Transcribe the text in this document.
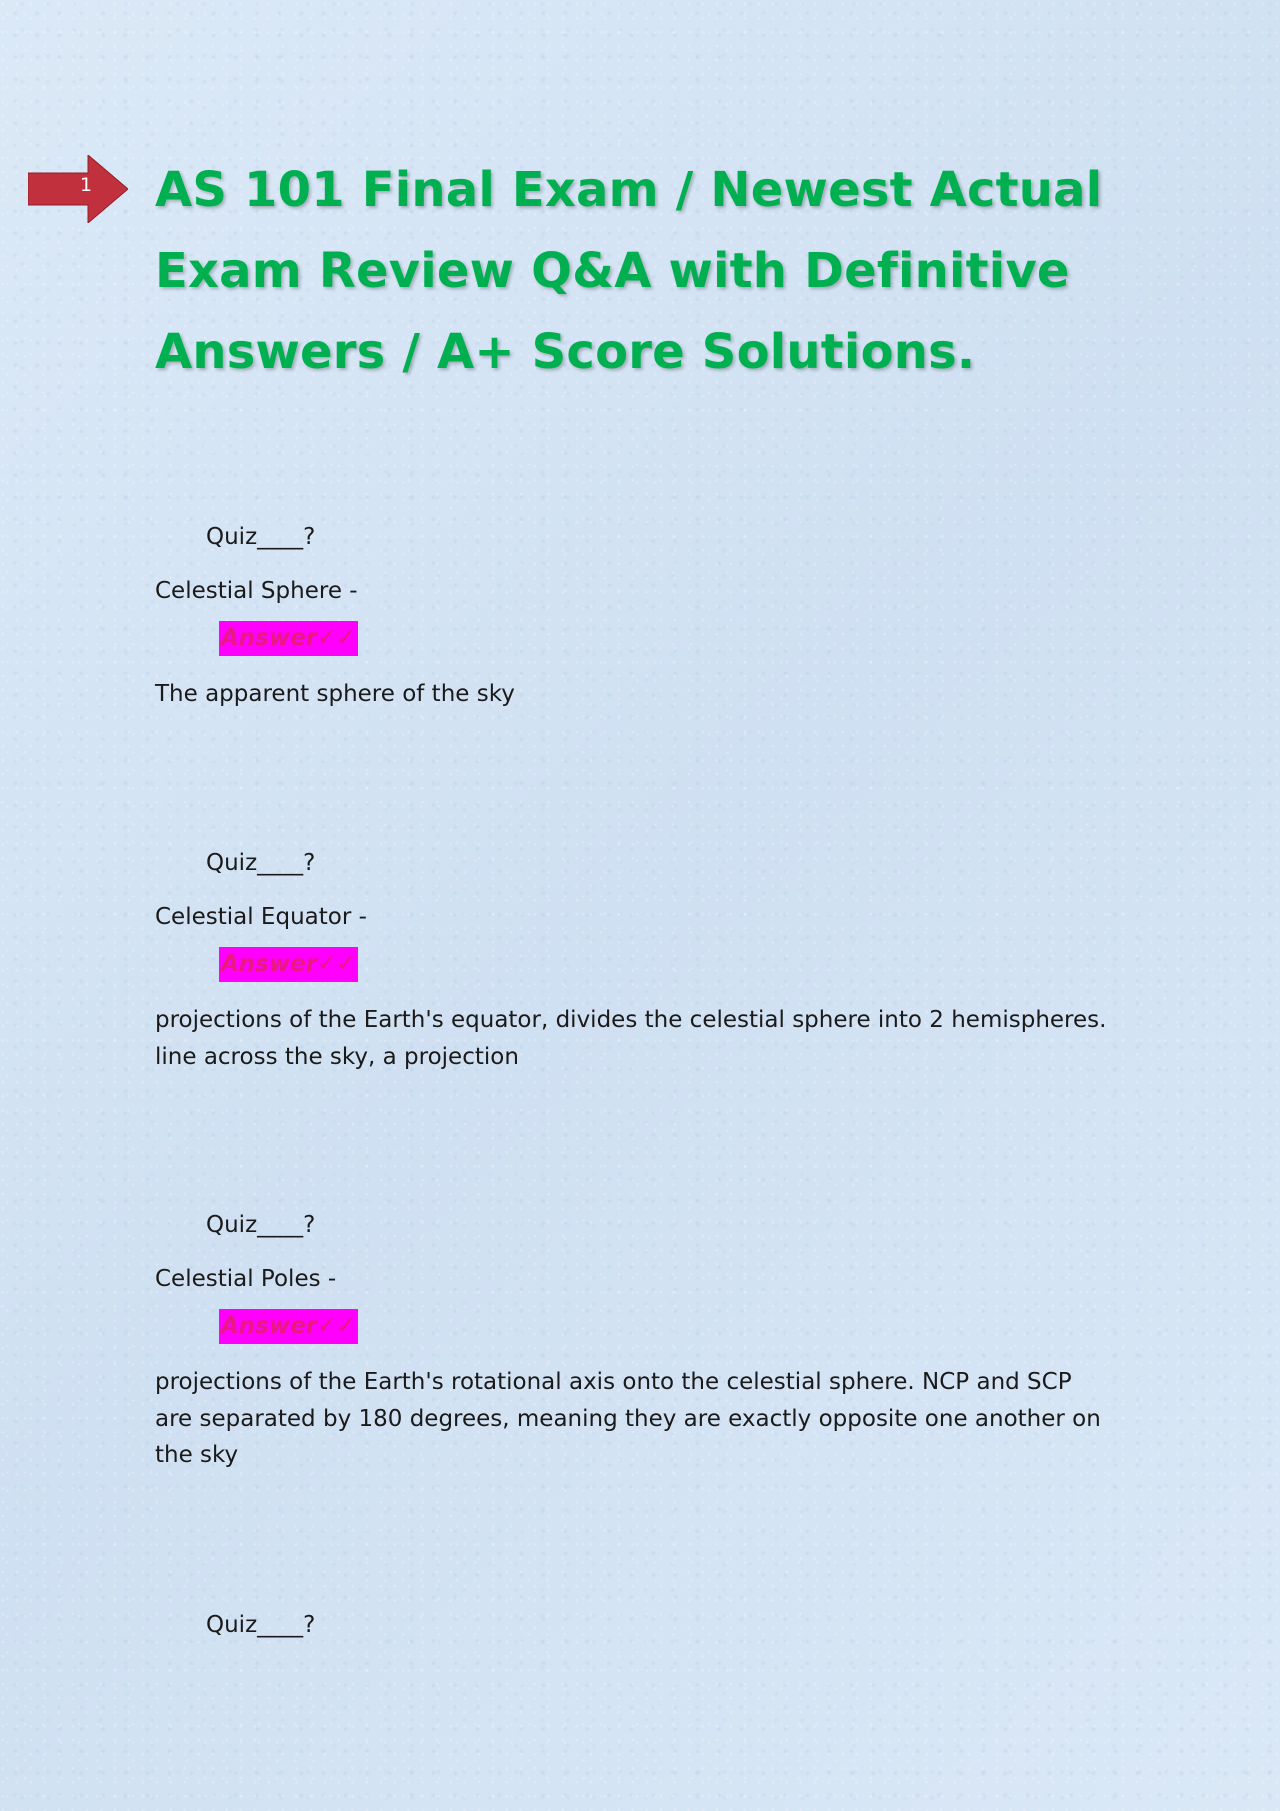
1 AS 101 Final Exam / Newest Actual Exam Review Q&A with Definitive Answers / A+ Score Solutions.
Quiz____?
Celestial Sphere -
Answer✓✓

The apparent sphere of the sky

Quiz____?
Celestial Equator -
Answer✓✓

projections of the Earth's equator, divides the celestial sphere into 2 hemispheres. line across the sky, a projection

Quiz____?
Celestial Poles -
Answer✓✓

projections of the Earth's rotational axis onto the celestial sphere. NCP and SCP are separated by 180 degrees, meaning they are exactly opposite one another on the sky

Quiz____?
